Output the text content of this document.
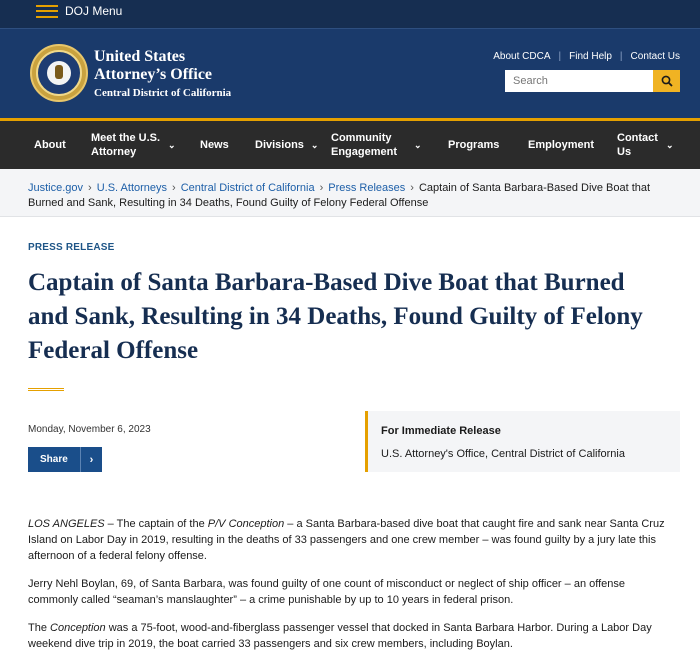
DOJ Menu
United States
Attorney’s Office
Central District of California
About CDCA | Find Help | Contact Us
Search
About
Meet the U.S. Attorney
⌄ News Divisions ⌄
Community Engagement
⌄ Programs	Employment
Contact Us
⌄
Justice.gov › U.S. Attorneys › Central District of California › Press Releases › Captain of Santa Barbara-Based Dive Boat that Burned and Sank, Resulting in 34 Deaths, Found Guilty of Felony Federal Offense
PRESS RELEASE
Captain of Santa Barbara-Based Dive Boat that Burned and Sank, Resulting in 34 Deaths, Found Guilty of Felony Federal Offense
Monday, November 6, 2023
Share	›
For Immediate Release
U.S. Attorney's Office, Central District of California

LOS ANGELES – The captain of the P/V Conception – a Santa Barbara-based dive boat that caught fire and sank near Santa Cruz Island on Labor Day in 2019, resulting in the deaths of 33 passengers and one crew member – was found guilty by a jury late this afternoon of a federal felony offense.

Jerry Nehl Boylan, 69, of Santa Barbara, was found guilty of one count of misconduct or neglect of ship officer – an offense commonly called “seaman’s manslaughter” – a crime punishable by up to 10 years in federal prison.

The Conception was a 75-foot, wood-and-fiberglass passenger vessel that docked in Santa Barbara Harbor. During a Labor Day weekend dive trip in 2019, the boat carried 33 passengers and six crew members, including Boylan.
